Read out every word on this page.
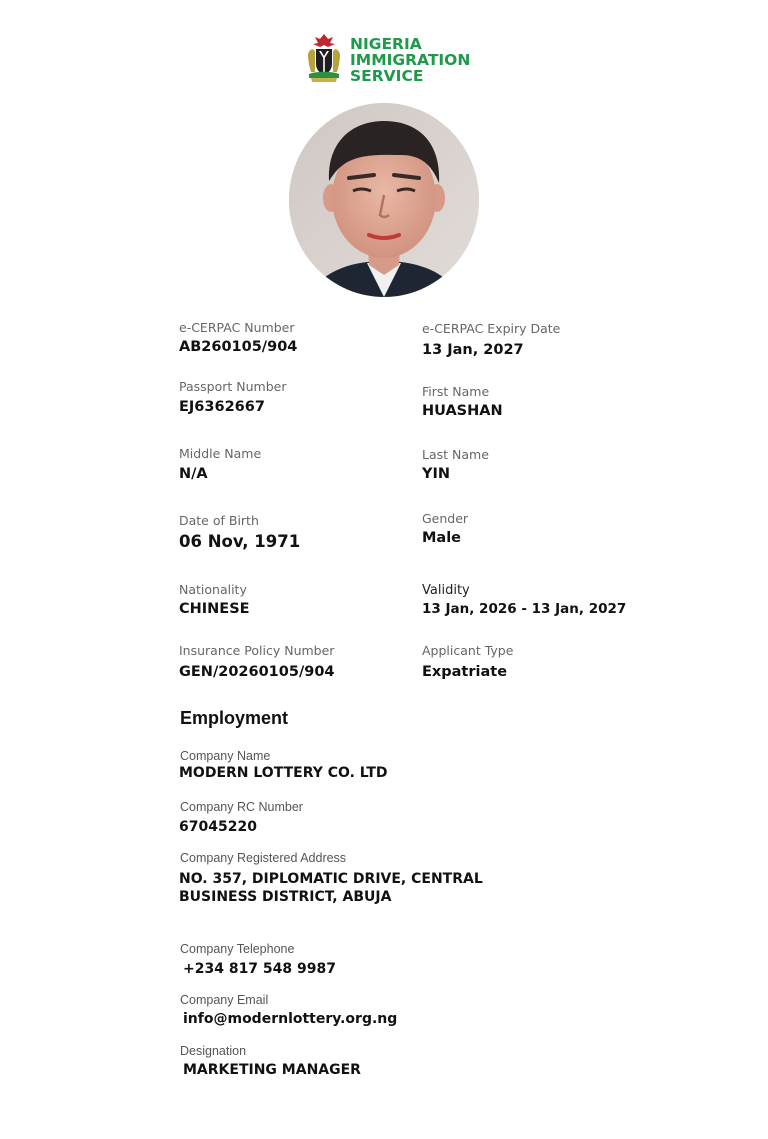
NIGERIA
IMMIGRATION
SERVICE
e-CERPAC Number
AB260105/904
Passport Number
EJ6362667
Middle Name
N/A
Date of Birth
06 Nov, 1971
Nationality
CHINESE
Insurance Policy Number
GEN/20260105/904
e-CERPAC Expiry Date
13 Jan, 2027
First Name
HUASHAN
Last Name
YIN
Gender
Male
Validity
13 Jan, 2026 - 13 Jan, 2027
Applicant Type
Expatriate
Employment
Company Name
MODERN LOTTERY CO. LTD
Company RC Number
67045220
Company Registered Address
NO. 357, DIPLOMATIC DRIVE, CENTRAL
BUSINESS DISTRICT, ABUJA
Company Telephone
+234 817 548 9987
Company Email
info@modernlottery.org.ng
Designation
MARKETING MANAGER
